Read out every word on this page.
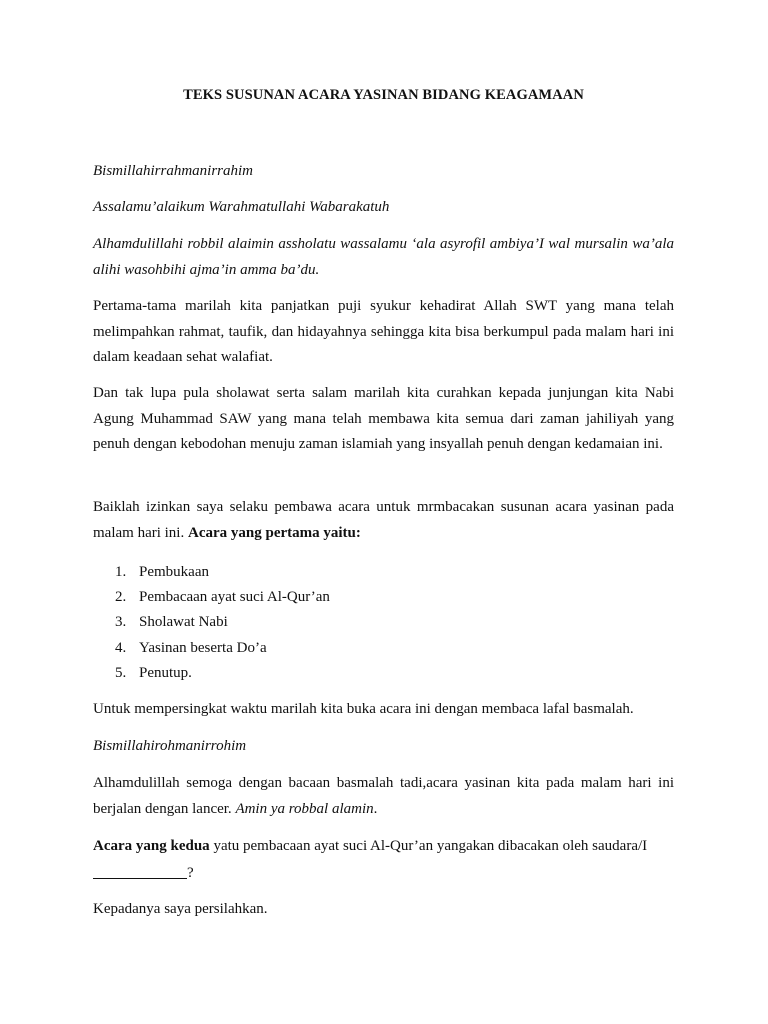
TEKS SUSUNAN ACARA YASINAN BIDANG KEAGAMAAN
Bismillahirrahmanirrahim
Assalamu’alaikum Warahmatullahi Wabarakatuh
Alhamdulillahi robbil alaimin assholatu wassalamu ‘ala asyrofil ambiya’I wal mursalin wa’ala alihi wasohbihi ajma’in amma ba’du.
Pertama-tama marilah kita panjatkan puji syukur kehadirat Allah SWT yang mana telah melimpahkan rahmat, taufik, dan hidayahnya sehingga kita bisa berkumpul pada malam hari ini dalam keadaan sehat walafiat.
Dan tak lupa pula sholawat serta salam marilah kita curahkan kepada junjungan kita Nabi Agung Muhammad SAW yang mana telah membawa kita semua dari zaman jahiliyah yang penuh dengan kebodohan menuju zaman islamiah yang insyallah penuh dengan kedamaian ini.
Baiklah izinkan saya selaku pembawa acara untuk mrmbacakan susunan acara yasinan pada malam hari ini. Acara yang pertama yaitu:
1. Pembukaan
2. Pembacaan ayat suci Al-Qur’an
3. Sholawat Nabi
4. Yasinan beserta Do’a
5. Penutup.
Untuk mempersingkat waktu marilah kita buka acara ini dengan membaca lafal basmalah.
Bismillahirohmanirrohim
Alhamdulillah semoga dengan bacaan basmalah tadi,acara yasinan kita pada malam hari ini berjalan dengan lancer. Amin ya robbal alamin.
Acara yang kedua yatu pembacaan ayat suci Al-Qur’an yangakan dibacakan oleh saudara/I
?
Kepadanya saya persilahkan.
